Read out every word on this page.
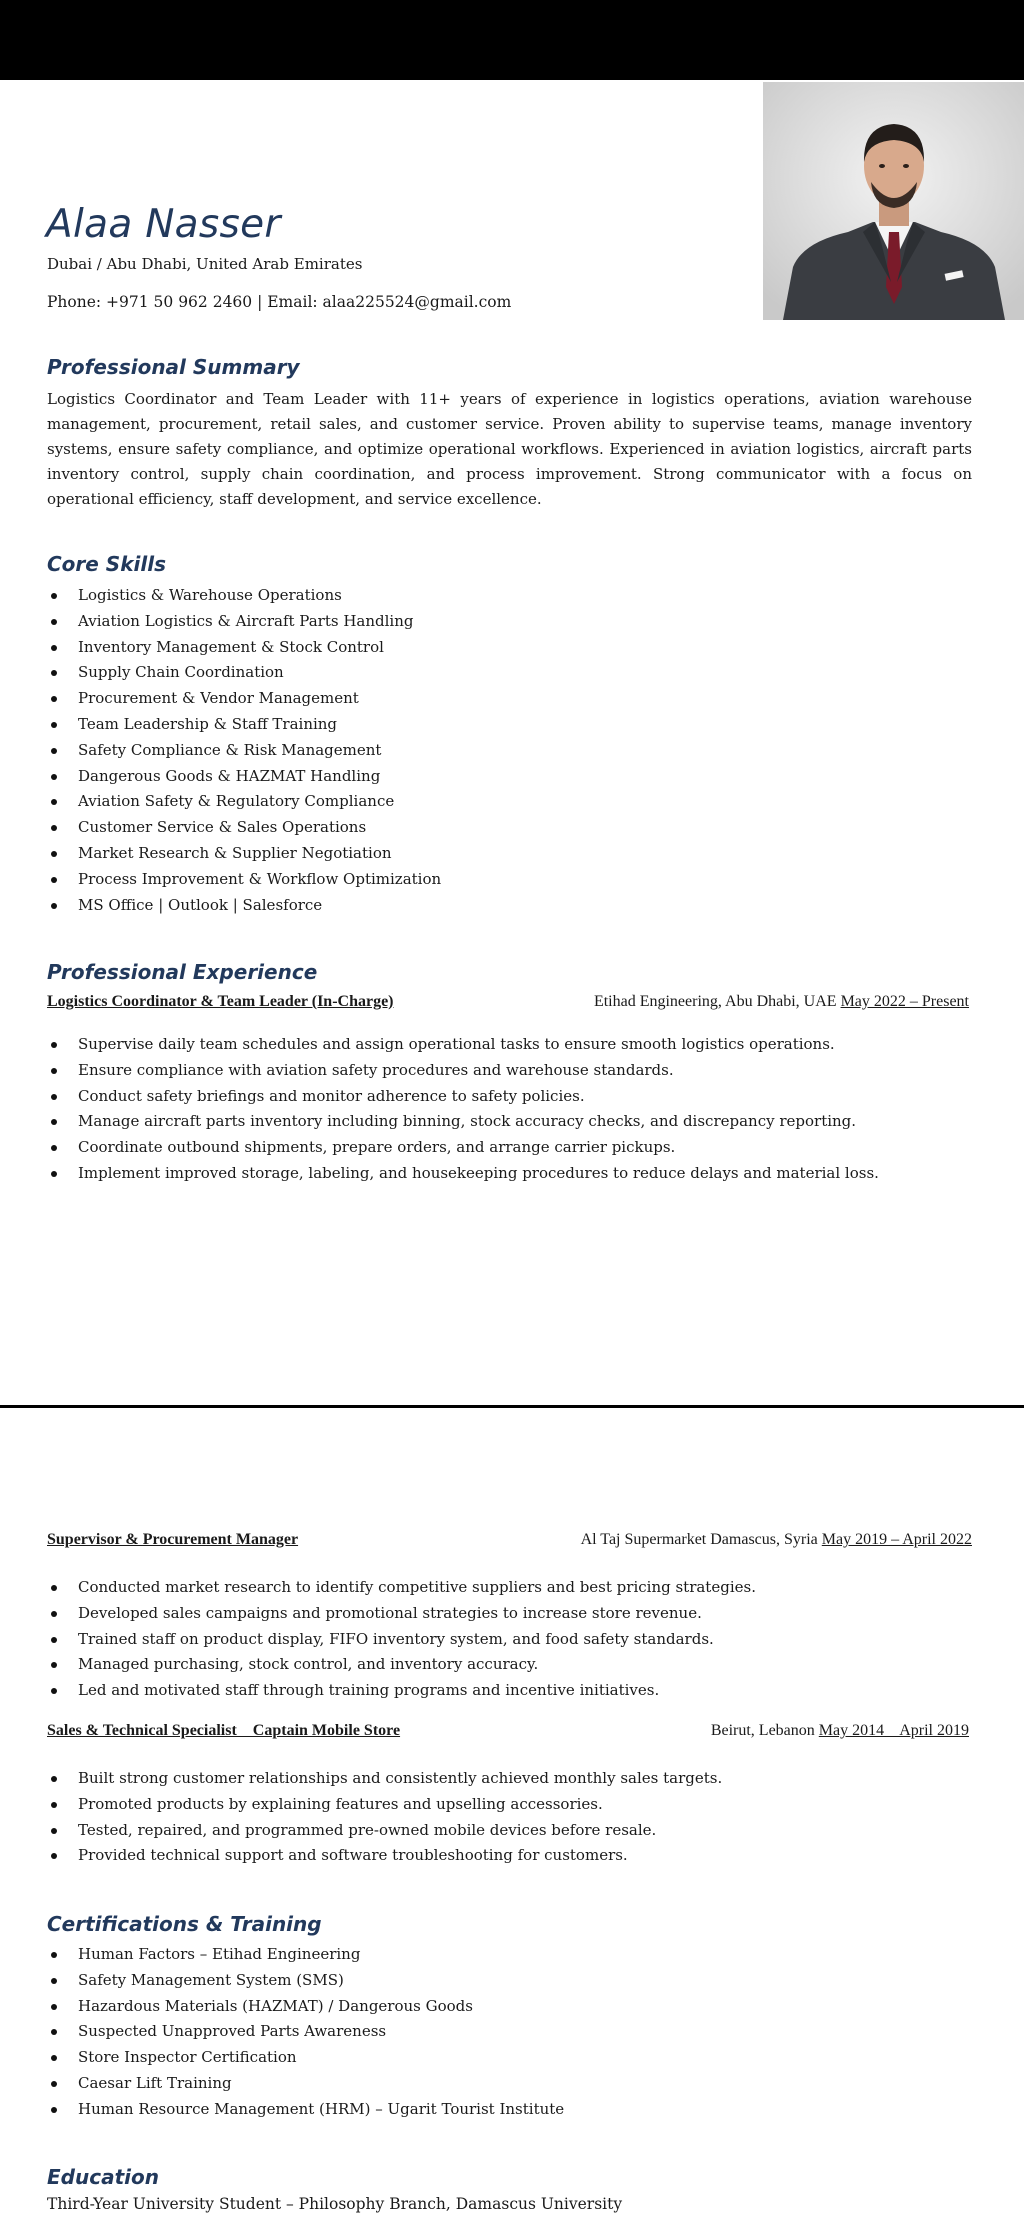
Alaa Nasser
Dubai / Abu Dhabi, United Arab Emirates
Phone: +971 50 962 2460 | Email: alaa225524@gmail.com
Professional Summary

Logistics Coordinator and Team Leader with 11+ years of experience in logistics operations, aviation warehouse management, procurement, retail sales, and customer service. Proven ability to supervise teams, manage inventory systems, ensure safety compliance, and optimize operational workflows. Experienced in aviation logistics, aircraft parts inventory control, supply chain coordination, and process improvement. Strong communicator with a focus on operational efficiency, staff development, and service excellence.

Core Skills
Logistics & Warehouse Operations
Aviation Logistics & Aircraft Parts Handling
Inventory Management & Stock Control
Supply Chain Coordination
Procurement & Vendor Management
Team Leadership & Staff Training
Safety Compliance & Risk Management
Dangerous Goods & HAZMAT Handling
Aviation Safety & Regulatory Compliance
Customer Service & Sales Operations
Market Research & Supplier Negotiation
Process Improvement & Workflow Optimization
MS Office | Outlook | Salesforce
Professional Experience
Logistics Coordinator & Team Leader (In-Charge)	Etihad Engineering, Abu Dhabi, UAE May 2022 – Present
Supervise daily team schedules and assign operational tasks to ensure smooth logistics operations.
Ensure compliance with aviation safety procedures and warehouse standards.
Conduct safety briefings and monitor adherence to safety policies.
Manage aircraft parts inventory including binning, stock accuracy checks, and discrepancy reporting.
Coordinate outbound shipments, prepare orders, and arrange carrier pickups.
Implement improved storage, labeling, and housekeeping procedures to reduce delays and material loss.
Supervisor & Procurement Manager	Al Taj Supermarket Damascus, Syria May 2019 – April 2022
Conducted market research to identify competitive suppliers and best pricing strategies.
Developed sales campaigns and promotional strategies to increase store revenue.
Trained staff on product display, FIFO inventory system, and food safety standards.
Managed purchasing, stock control, and inventory accuracy.
Led and motivated staff through training programs and incentive initiatives.
Sales & Technical Specialist    Captain Mobile Store	Beirut, Lebanon May 2014    April 2019
Built strong customer relationships and consistently achieved monthly sales targets.
Promoted products by explaining features and upselling accessories.
Tested, repaired, and programmed pre-owned mobile devices before resale.
Provided technical support and software troubleshooting for customers.
Certifications & Training
Human Factors – Etihad Engineering
Safety Management System (SMS)
Hazardous Materials (HAZMAT) / Dangerous Goods
Suspected Unapproved Parts Awareness
Store Inspector Certification
Caesar Lift Training
Human Resource Management (HRM) – Ugarit Tourist Institute
Education
Third-Year University Student – Philosophy Branch, Damascus University
